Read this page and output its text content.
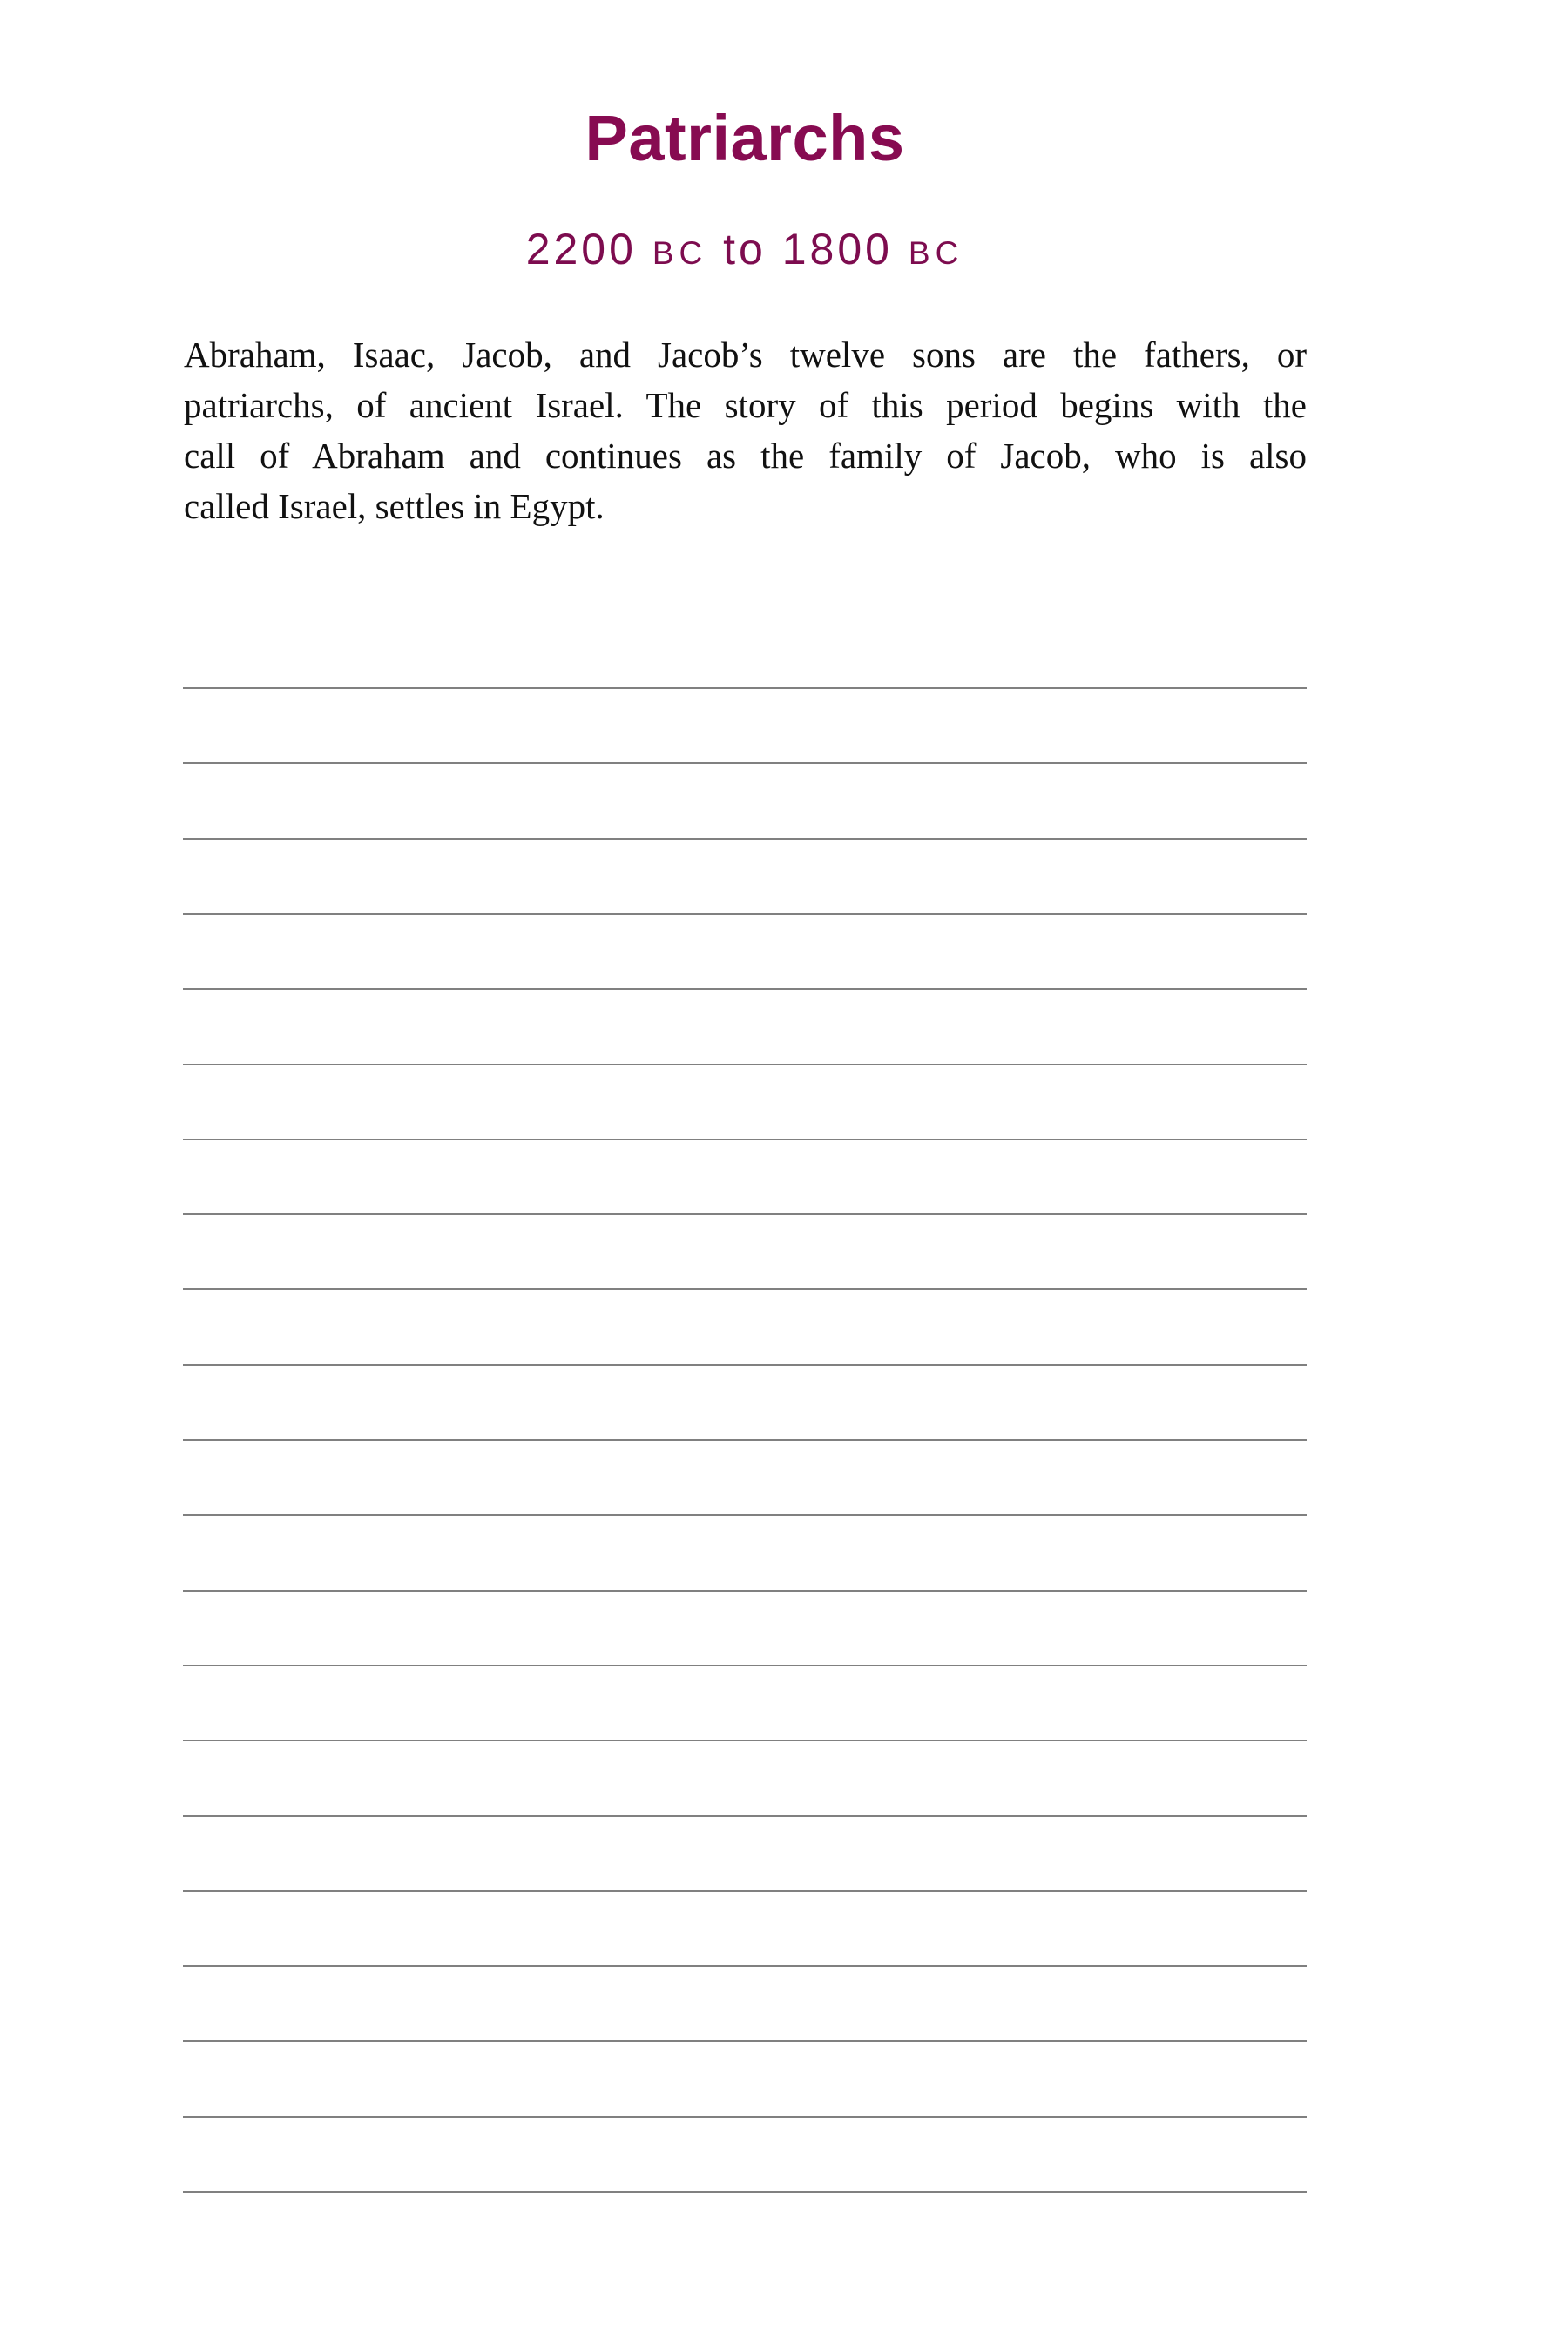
Patriarchs
2200 BC to 1800 BC
Abraham, Isaac, Jacob, and Jacob’s twelve sons are the fathers, or
patriarchs, of ancient Israel. The story of this period begins with the
call of Abraham and continues as the family of Jacob, who is also
called Israel, settles in Egypt.
